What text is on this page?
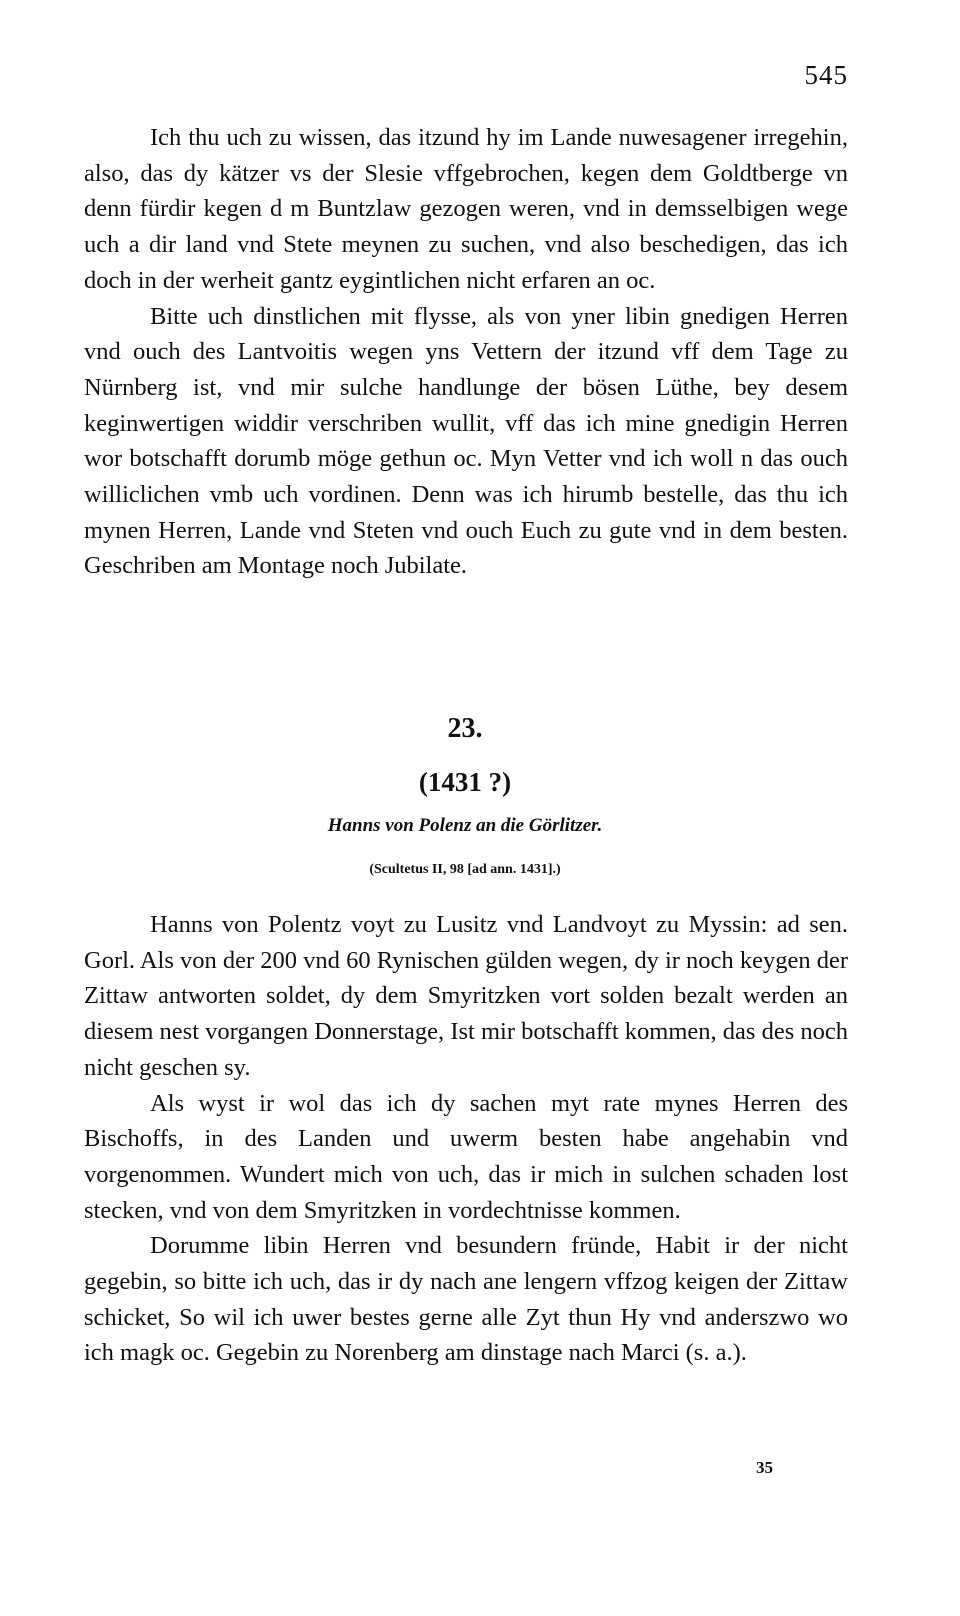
545

Ich thu uch zu wissen, das itzund hy im Lande nuwesagener irregehin, also, das dy kätzer vs der Slesie vffgebrochen, kegen dem Goldtberge vn denn fürdir kegen d m Buntzlaw gezogen weren, vnd in demsselbigen wege uch a dir land vnd Stete meynen zu suchen, vnd also beschedigen, das ich doch in der werheit gantz eygintlichen nicht erfaren an oc.

Bitte uch dinstlichen mit flysse, als von yner libin gnedigen Herren vnd ouch des Lantvoitis wegen yns Vettern der itzund vff dem Tage zu Nürnberg ist, vnd mir sulche handlunge der bösen Lüthe, bey desem keginwertigen widdir verschriben wullit, vff das ich mine gnedigin Herren wor botschafft dorumb möge gethun oc. Myn Vetter vnd ich woll n das ouch williclichen vmb uch vordinen. Denn was ich hirumb bestelle, das thu ich mynen Herren, Lande vnd Steten vnd ouch Euch zu gute vnd in dem besten. Geschriben am Montage noch Jubilate.

23.
(1431 ?)
Hanns von Polenz an die Görlitzer.
(Scultetus II, 98 [ad ann. 1431].)

Hanns von Polentz voyt zu Lusitz vnd Landvoyt zu Myssin: ad sen. Gorl. Als von der 200 vnd 60 Rynischen gülden wegen, dy ir noch keygen der Zittaw antworten soldet, dy dem Smyritzken vort solden bezalt werden an diesem nest vorgangen Donnerstage, Ist mir botschafft kommen, das des noch nicht geschen sy.

Als wyst ir wol das ich dy sachen myt rate mynes Herren des Bischoffs, in des Landen und uwerm besten habe angehabin vnd vorgenommen. Wundert mich von uch, das ir mich in sulchen schaden lost stecken, vnd von dem Smyritzken in vordechtnisse kommen.

Dorumme libin Herren vnd besundern fründe, Habit ir der nicht gegebin, so bitte ich uch, das ir dy nach ane lengern vffzog keigen der Zittaw schicket, So wil ich uwer bestes gerne alle Zyt thun Hy vnd anderszwo wo ich magk oc. Gegebin zu Norenberg am dinstage nach Marci (s. a.).

35
